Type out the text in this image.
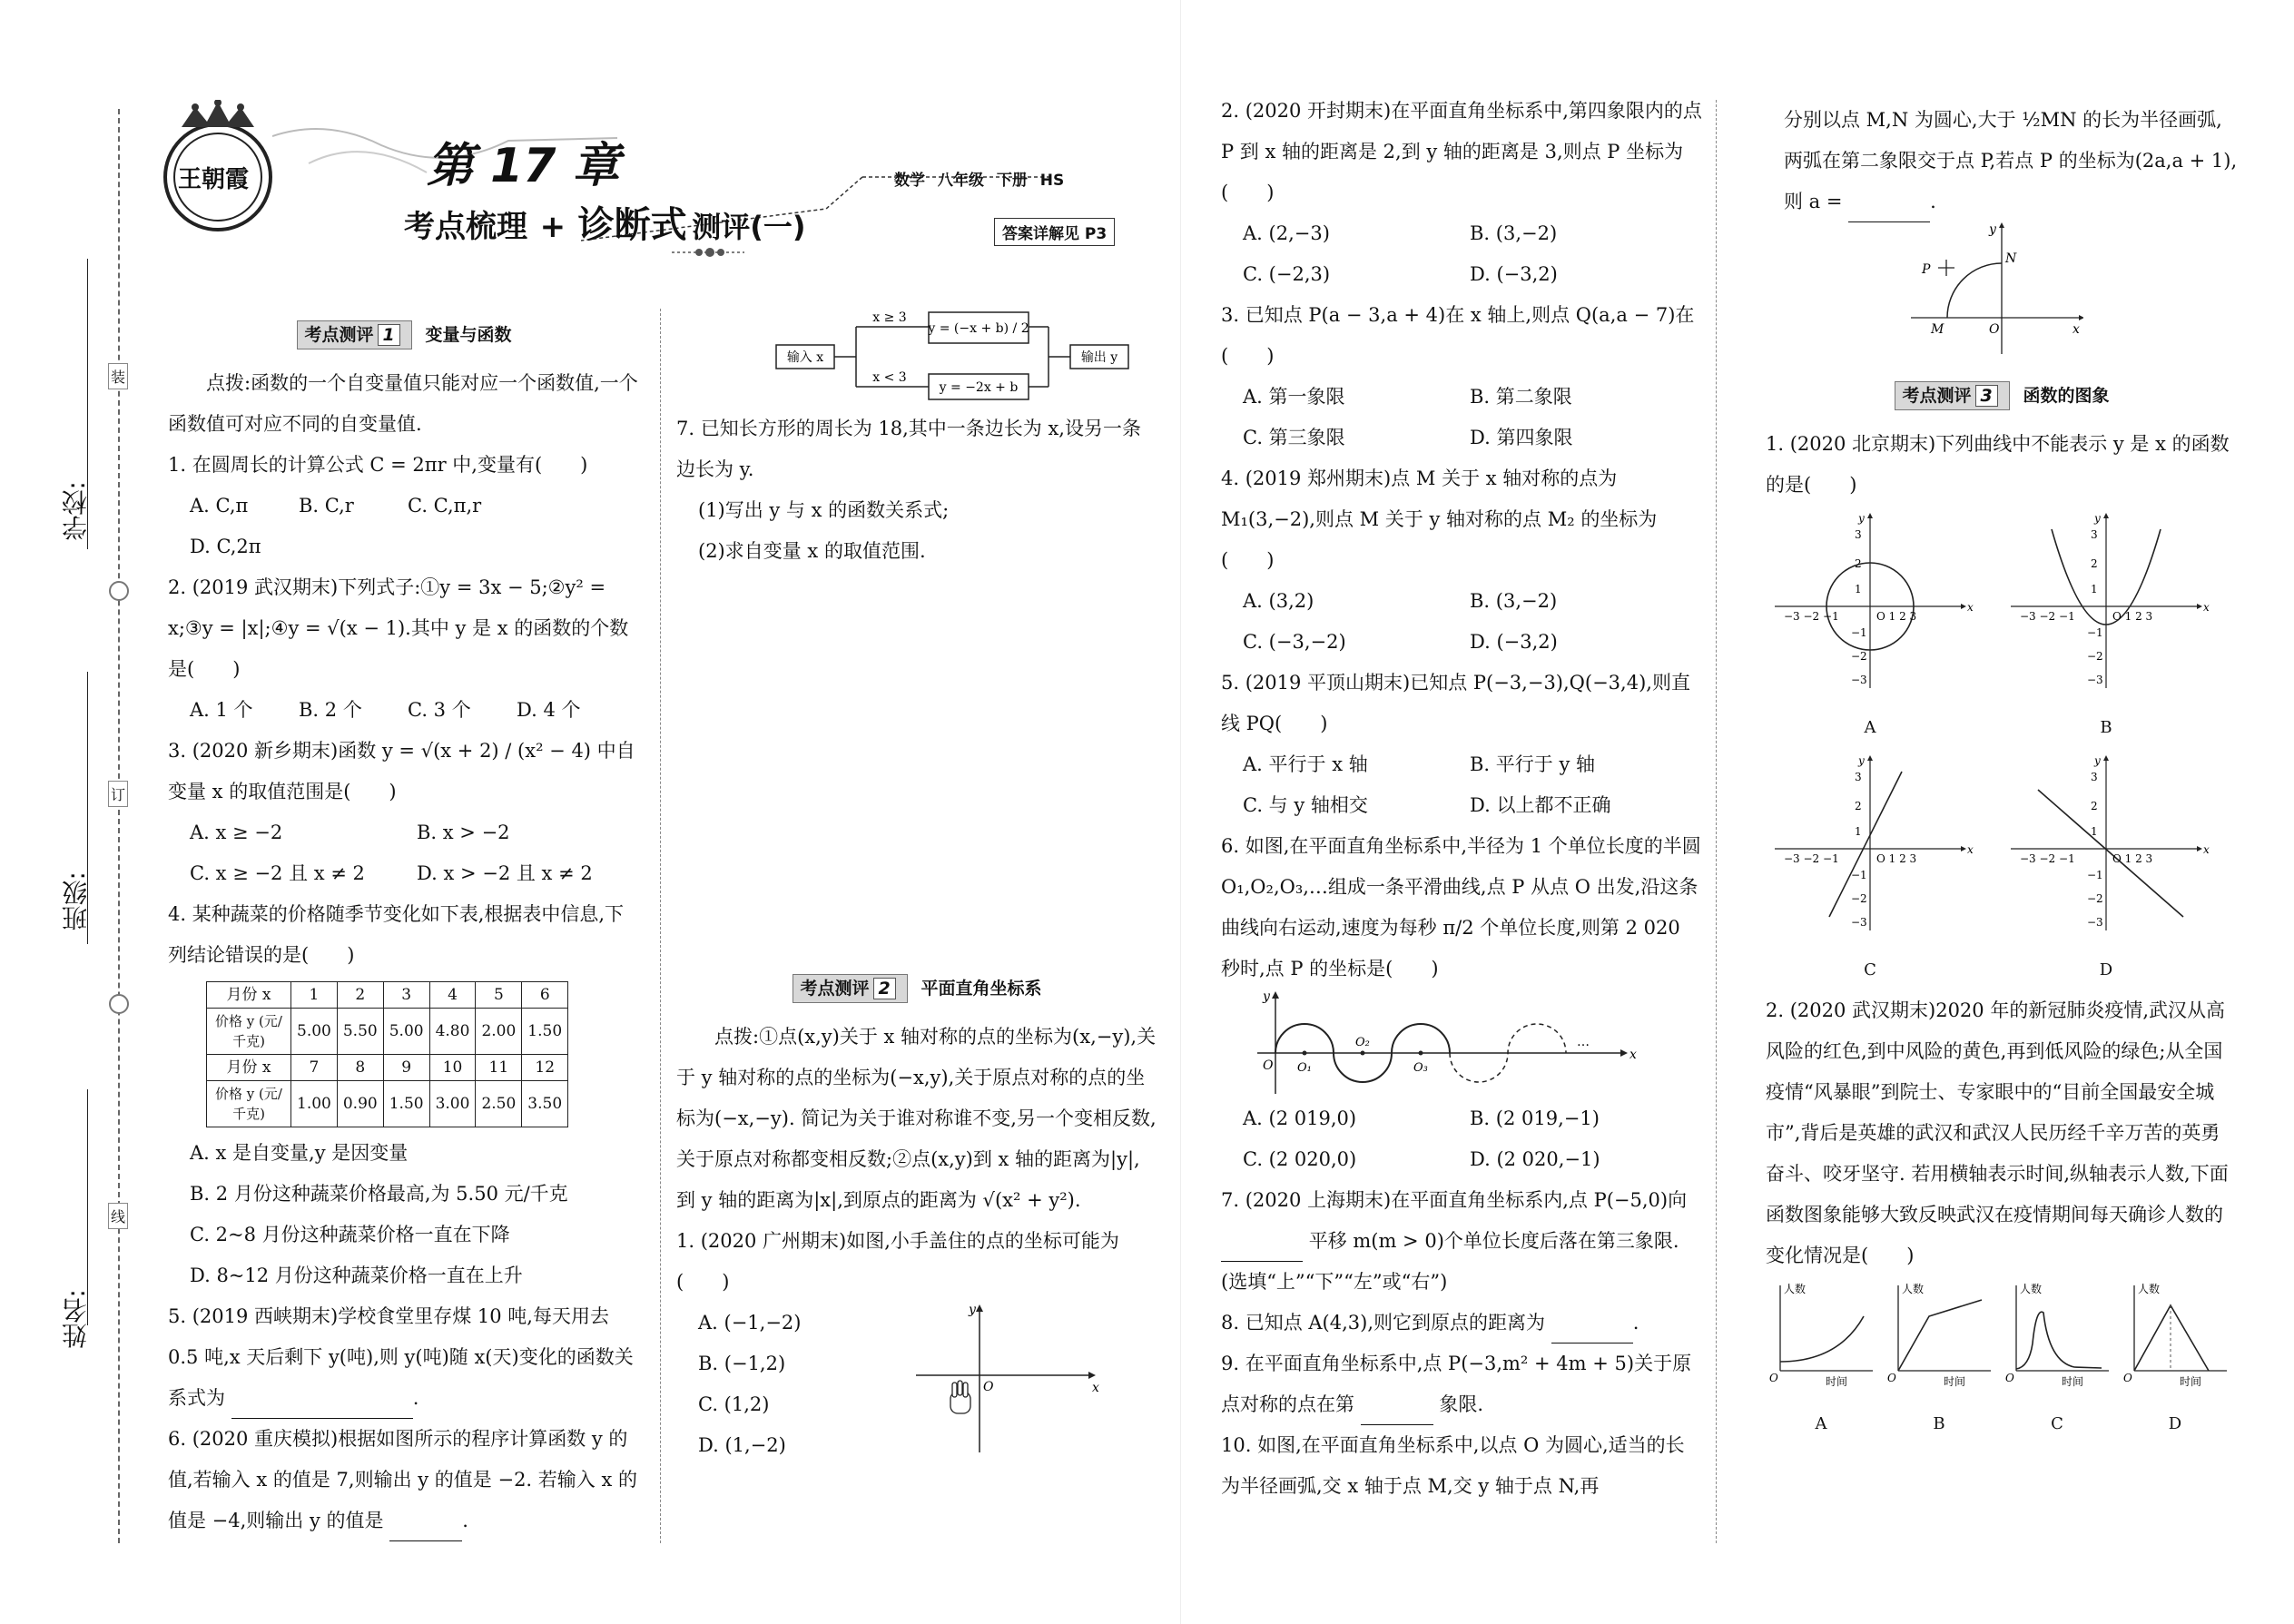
装
订
线
学校:
班级:
姓名:
王朝霞	第 17 章
考点梳理 + 诊断式 测评(一)
数学 八年级 下册 HS
答案详解见 P3
考点测评 1 变量与函数

点拨:函数的一个自变量值只能对应一个函数值,一个函数值可对应不同的自变量值.

1. 在圆周长的计算公式 C = 2πr 中,变量有(　　)

A. C,π	B. C,r	C. C,π,r
D. C,2π

2. (2019 武汉期末)下列式子:①y = 3x − 5;②y² = x;③y = |x|;④y = √(x − 1).其中 y 是 x 的函数的个数是(　　)

A. 1 个	B. 2 个	C. 3 个	D. 4 个

3. (2020 新乡期末)函数 y = √(x + 2) / (x² − 4) 中自变量 x 的取值范围是(　　)

A. x ≥ −2	B. x > −2
C. x ≥ −2 且 x ≠ 2	D. x > −2 且 x ≠ 2

4. 某种蔬菜的价格随季节变化如下表,根据表中信息,下列结论错误的是(　　)

月份 x	1	2	3	4	5	6
价格 y (元/千克)	5.00	5.50	5.00	4.80	2.00	1.50
月份 x	7	8	9	10	11	12
价格 y (元/千克)	1.00	0.90	1.50	3.00	2.50	3.50
A. x 是自变量,y 是因变量
B. 2 月份这种蔬菜价格最高,为 5.50 元/千克
C. 2~8 月份这种蔬菜价格一直在下降
D. 8~12 月份这种蔬菜价格一直在上升

5. (2019 西峡期末)学校食堂里存煤 10 吨,每天用去 0.5 吨,x 天后剩下 y(吨),则 y(吨)随 x(天)变化的函数关系式为	.

6. (2020 重庆模拟)根据如图所示的程序计算函数 y 的值,若输入 x 的值是 7,则输出 y 的值是 −2. 若输入 x 的值是 −4,则输出 y 的值是	.

输入 x
x ≥ 3
x < 3
y = (−x + b) / 2
y = −2x + b
输出 y

7. 已知长方形的周长为 18,其中一条边长为 x,设另一条边长为 y.

(1)写出 y 与 x 的函数关系式;

(2)求自变量 x 的取值范围.

考点测评 2 平面直角坐标系

点拨:①点(x,y)关于 x 轴对称的点的坐标为(x,−y),关于 y 轴对称的点的坐标为(−x,y),关于原点对称的点的坐标为(−x,−y). 简记为关于谁对称谁不变,另一个变相反数,关于原点对称都变相反数;②点(x,y)到 x 轴的距离为|y|,到 y 轴的距离为|x|,到原点的距离为 √(x² + y²).

1. (2020 广州期末)如图,小手盖住的点的坐标可能为(　　)

A. (−1,−2)
B. (−1,2)
C. (1,2)
D. (1,−2)
x
y
O

2. (2020 开封期末)在平面直角坐标系中,第四象限内的点 P 到 x 轴的距离是 2,到 y 轴的距离是 3,则点 P 坐标为(　　)

A. (2,−3)	B. (3,−2)
C. (−2,3)	D. (−3,2)

3. 已知点 P(a − 3,a + 4)在 x 轴上,则点 Q(a,a − 7)在(　　)

A. 第一象限	B. 第二象限
C. 第三象限	D. 第四象限

4. (2019 郑州期末)点 M 关于 x 轴对称的点为 M₁(3,−2),则点 M 关于 y 轴对称的点 M₂ 的坐标为(　　)

A. (3,2)	B. (3,−2)
C. (−3,−2)	D. (−3,2)

5. (2019 平顶山期末)已知点 P(−3,−3),Q(−3,4),则直线 PQ(　　)

A. 平行于 x 轴	B. 平行于 y 轴
C. 与 y 轴相交	D. 以上都不正确

6. 如图,在平面直角坐标系中,半径为 1 个单位长度的半圆 O₁,O₂,O₃,…组成一条平滑曲线,点 P 从点 O 出发,沿这条曲线向右运动,速度为每秒 π/2 个单位长度,则第 2 020 秒时,点 P 的坐标是(　　)

…
x
y
O O₁
O₂
O₃
A. (2 019,0)	B. (2 019,−1)
C. (2 020,0)	D. (2 020,−1)

7. (2020 上海期末)在平面直角坐标系内,点 P(−5,0)向  平移 m(m > 0)个单位长度后落在第三象限.(选填“上”“下”“左”或“右”)

8. 已知点 A(4,3),则它到原点的距离为	.

9. 在平面直角坐标系中,点 P(−3,m² + 4m + 5)关于原点对称的点在第	象限.

10. 如图,在平面直角坐标系中,以点 O 为圆心,适当的长为半径画弧,交 x 轴于点 M,交 y 轴于点 N,再

分别以点 M,N 为圆心,大于 ½MN 的长为半径画弧,两弧在第二象限交于点 P,若点 P 的坐标为(2a,a + 1),则 a =	.

P
N
M	O	x
y
考点测评 3 函数的图象

1. (2020 北京期末)下列曲线中不能表示 y 是 x 的函数的是(　　)

x
y
−3 −2 −1	O 1 2 3
3
2
1
−1
−2
−3
A
x
y
−3 −2 −1	O 1 2 3
3
2
1
−1
−2
−3
B
x
y
−3 −2 −1	O 1 2 3
3
2
1
−1
−2
−3
C
x
y
−3 −2 −1	O 1 2 3
3
2
1
−1
−2
−3
D

2. (2020 武汉期末)2020 年的新冠肺炎疫情,武汉从高风险的红色,到中风险的黄色,再到低风险的绿色;从全国疫情“风暴眼”到院士、专家眼中的“目前全国最安全城市”,背后是英雄的武汉和武汉人民历经千辛万苦的英勇奋斗、咬牙坚守. 若用横轴表示时间,纵轴表示人数,下面函数图象能够大致反映武汉在疫情期间每天确诊人数的变化情况是(　　)

人数
时间
O
A
人数
时间
O
B
人数
时间
O
C
人数
时间
O
D
